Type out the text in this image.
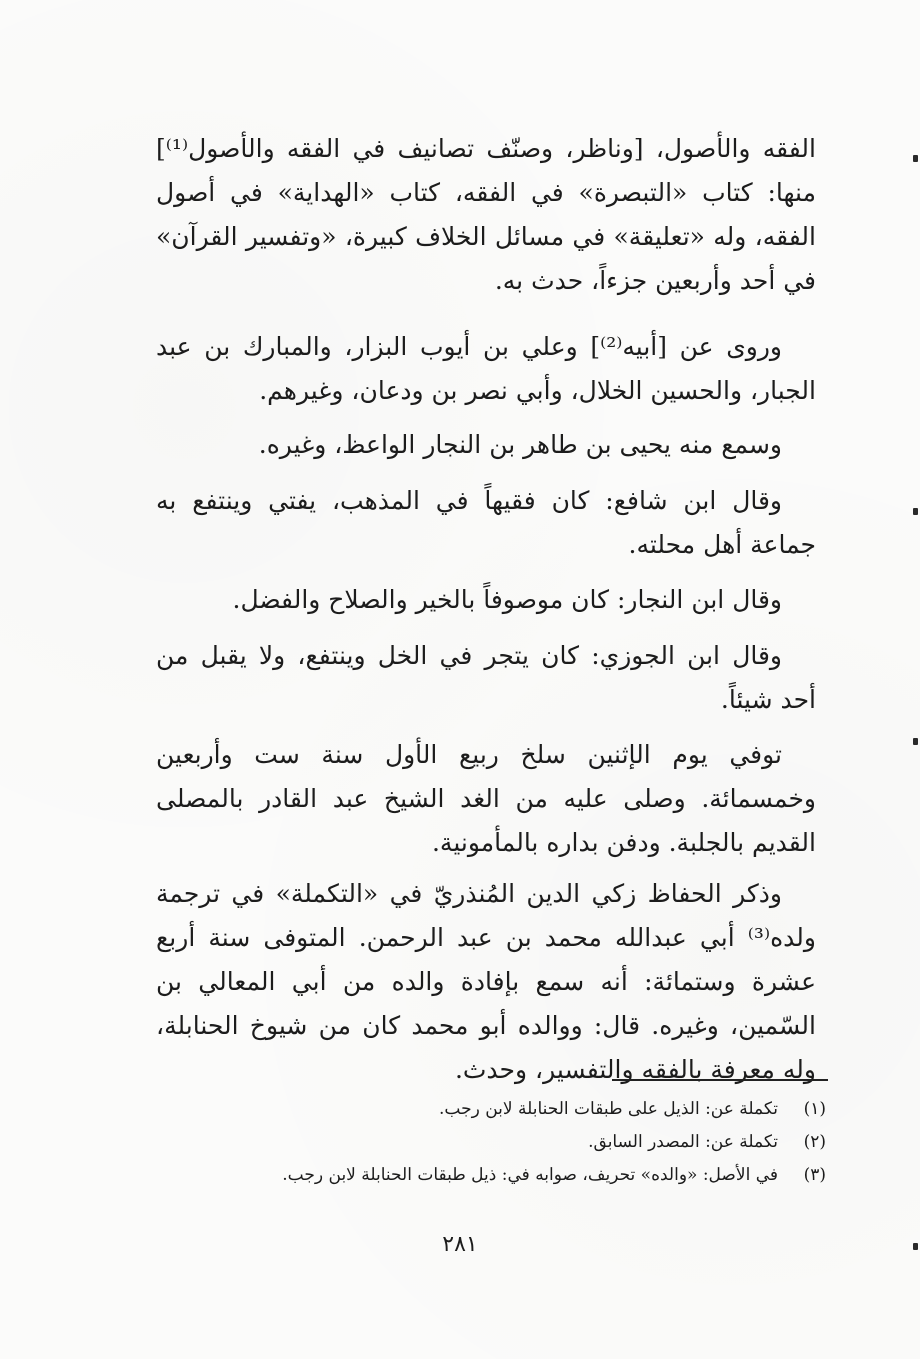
الفقه والأصول، [وناظر، وصنّف تصانيف في الفقه والأصول⁽¹⁾] منها: كتاب «التبصرة» في الفقه، كتاب «الهداية» في أصول الفقه، وله «تعليقة» في مسائل الخلاف كبيرة، «وتفسير القرآن» في أحد وأربعين جزءاً، حدث به.

وروى عن [أبيه⁽²⁾] وعلي بن أيوب البزار، والمبارك بن عبد الجبار، والحسين الخلال، وأبي نصر بن ودعان، وغيرهم.

وسمع منه يحيى بن طاهر بن النجار الواعظ، وغيره.

وقال ابن شافع: كان فقيهاً في المذهب، يفتي وينتفع به جماعة أهل محلته.

وقال ابن النجار: كان موصوفاً بالخير والصلاح والفضل.

وقال ابن الجوزي: كان يتجر في الخل وينتفع، ولا يقبل من أحد شيئاً.

توفي يوم الإثنين سلخ ربيع الأول سنة ست وأربعين وخمسمائة. وصلى عليه من الغد الشيخ عبد القادر بالمصلى القديم بالجلبة. ودفن بداره بالمأمونية.

وذكر الحفاظ زكي الدين المُنذريّ في «التكملة» في ترجمة ولده⁽³⁾ أبي عبدالله محمد بن عبد الرحمن. المتوفى سنة أربع عشرة وستمائة: أنه سمع بإفادة والده من أبي المعالي بن السّمين، وغيره. قال: ووالده أبو محمد كان من شيوخ الحنابلة، وله معرفة بالفقه والتفسير، وحدث.

(١)
تكملة عن: الذيل على طبقات الحنابلة لابن رجب.
(٢)
تكملة عن: المصدر السابق.
(٣)
في الأصل: «والده» تحريف، صوابه في: ذيل طبقات الحنابلة لابن رجب.
٢٨١
